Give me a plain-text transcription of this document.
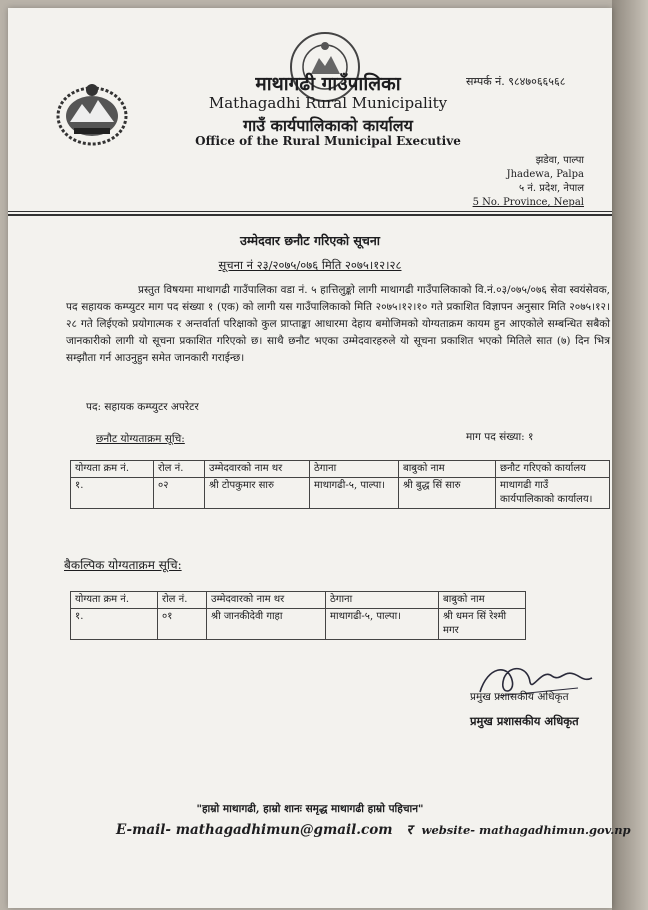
माथागढी गाउँपालिका
Mathagadhi Rural Municipality
गाउँ कार्यपालिकाको कार्यालय
Office of the Rural Municipal Executive
सम्पर्क नं. ९८४७०६६५६८
झडेवा, पाल्पा
Jhadewa, Palpa
५ नं. प्रदेश, नेपाल
5 No. Province, Nepal
उम्मेदवार छनौट गरिएको सूचना
सूचना नं २३/२०७५/०७६ मिति २०७५।१२।२८
प्रस्तुत विषयमा माथागढी गाउँपालिका वडा नं. ५ हात्तिलुङ्को लागी माथागढी गाउँपालिकाको वि.नं.०३/०७५/०७६ सेवा स्वयंसेवक, पद सहायक कम्प्युटर माग पद संख्या १ (एक) को लागी यस गाउँपालिकाको मिति २०७५।१२।१० गते प्रकाशित विज्ञापन अनुसार मिति २०७५।१२।२८ गते लिईएको प्रयोगात्मक र अन्तर्वार्ता परिक्षाको कुल प्राप्ताङ्का आधारमा देहाय बमोजिमको योग्यताक्रम कायम हुन आएकोले सम्बन्धित सबैको जानकारीको लागी यो सूचना प्रकाशित गरिएको छ। साथै छनौट भएका उम्मेदवारहरुले यो सूचना प्रकाशित भएको मितिले सात (७) दिन भित्र सम्झौता गर्न आउनुहुन समेत जानकारी गराईन्छ।
पद: सहायक कम्प्युटर अपरेटर
छनौट योग्यताक्रम सूचि:	माग पद संख्या: १
योग्यता क्रम नं.	रोल नं.	उम्मेदवारको नाम थर	ठेगाना	बाबुको नाम	छनौट गरिएको कार्यालय
१.	०२	श्री टोपकुमार सारु	माथागढी-५, पाल्पा।	श्री बुद्ध सिं सारु	माथागढी गाउँ कार्यपालिकाको कार्यालय।
बैकल्पिक योग्यताक्रम सूचि:
योग्यता क्रम नं.	रोल नं.	उम्मेदवारको नाम थर	ठेगाना	बाबुको नाम
१.	०१	श्री जानकीदेवी गाहा	माथागढी-५, पाल्पा।	श्री धमन सिं रेश्मी मगर
प्रमुख प्रशासकीय अधिकृत
प्रमुख प्रशासकीय अधिकृत
"हाम्रो माथागढी, हाम्रो शानः समृद्ध माथागढी हाम्रो पहिचान"
E-mail- mathagadhimun@gmail.com र website- mathagadhimun.gov.np
